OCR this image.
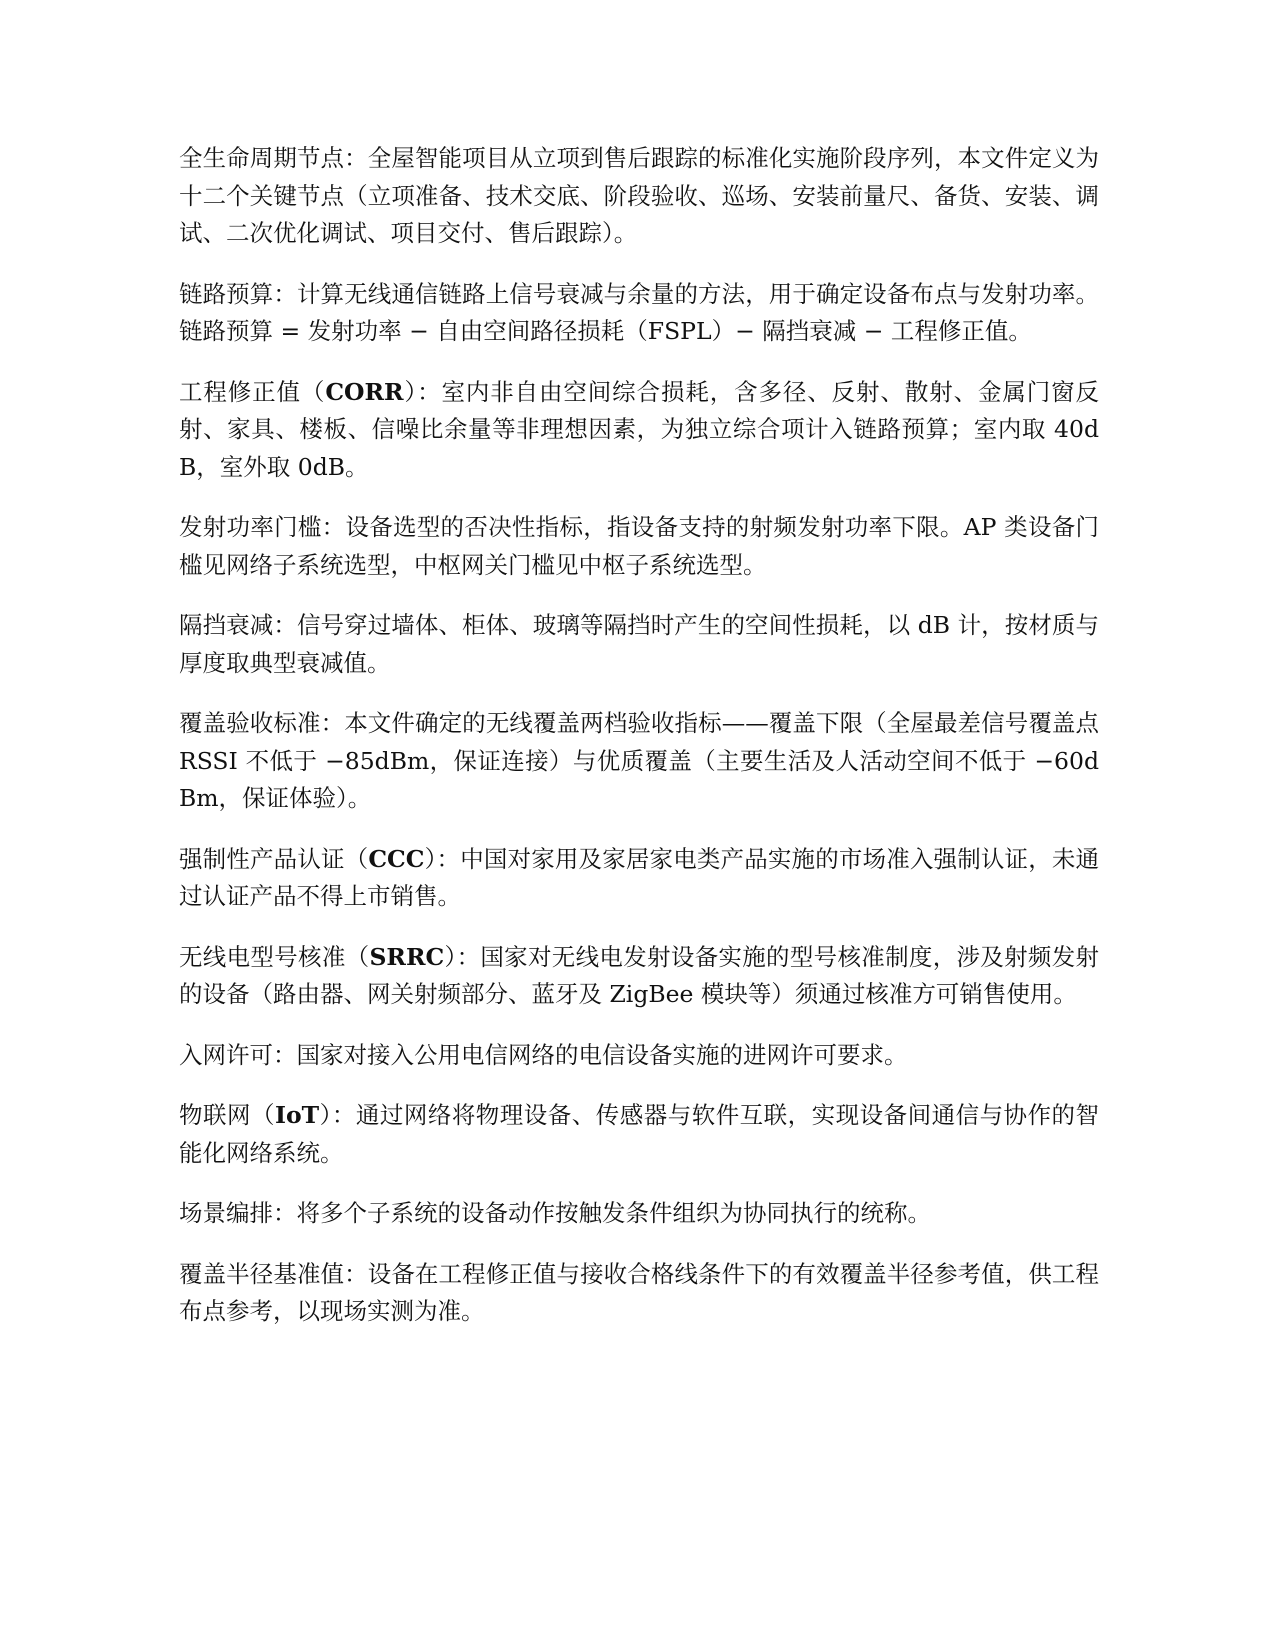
全生命周期节点：全屋智能项目从立项到售后跟踪的标准化实施阶段序列，本文件定义为十二个关键节点（立项准备、技术交底、阶段验收、巡场、安装前量尺、备货、安装、调试、二次优化调试、项目交付、售后跟踪）。

链路预算：计算无线通信链路上信号衰减与余量的方法，用于确定设备布点与发射功率。链路预算 = 发射功率 − 自由空间路径损耗（FSPL）− 隔挡衰减 − 工程修正值。

工程修正值（CORR）：室内非自由空间综合损耗，含多径、反射、散射、金属门窗反射、家具、楼板、信噪比余量等非理想因素，为独立综合项计入链路预算；室内取 40dB，室外取 0dB。

发射功率门槛：设备选型的否决性指标，指设备支持的射频发射功率下限。AP 类设备门槛见网络子系统选型，中枢网关门槛见中枢子系统选型。

隔挡衰减：信号穿过墙体、柜体、玻璃等隔挡时产生的空间性损耗，以 dB 计，按材质与厚度取典型衰减值。

覆盖验收标准：本文件确定的无线覆盖两档验收指标——覆盖下限（全屋最差信号覆盖点 RSSI 不低于 −85dBm，保证连接）与优质覆盖（主要生活及人活动空间不低于 −60dBm，保证体验）。

强制性产品认证（CCC）：中国对家用及家居家电类产品实施的市场准入强制认证，未通过认证产品不得上市销售。

无线电型号核准（SRRC）：国家对无线电发射设备实施的型号核准制度，涉及射频发射的设备（路由器、网关射频部分、蓝牙及 ZigBee 模块等）须通过核准方可销售使用。

入网许可：国家对接入公用电信网络的电信设备实施的进网许可要求。

物联网（IoT）：通过网络将物理设备、传感器与软件互联，实现设备间通信与协作的智能化网络系统。

场景编排：将多个子系统的设备动作按触发条件组织为协同执行的统称。

覆盖半径基准值：设备在工程修正值与接收合格线条件下的有效覆盖半径参考值，供工程布点参考，以现场实测为准。
